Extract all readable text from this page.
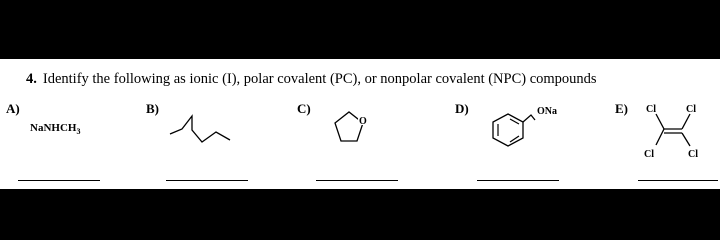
4. Identify the following as ionic (I), polar covalent (PC), or nonpolar covalent (NPC) compounds
A)
NaNHCH$_3$
B)	C)
O
D)	ONa	E) Cl	Cl
Cl	Cl
